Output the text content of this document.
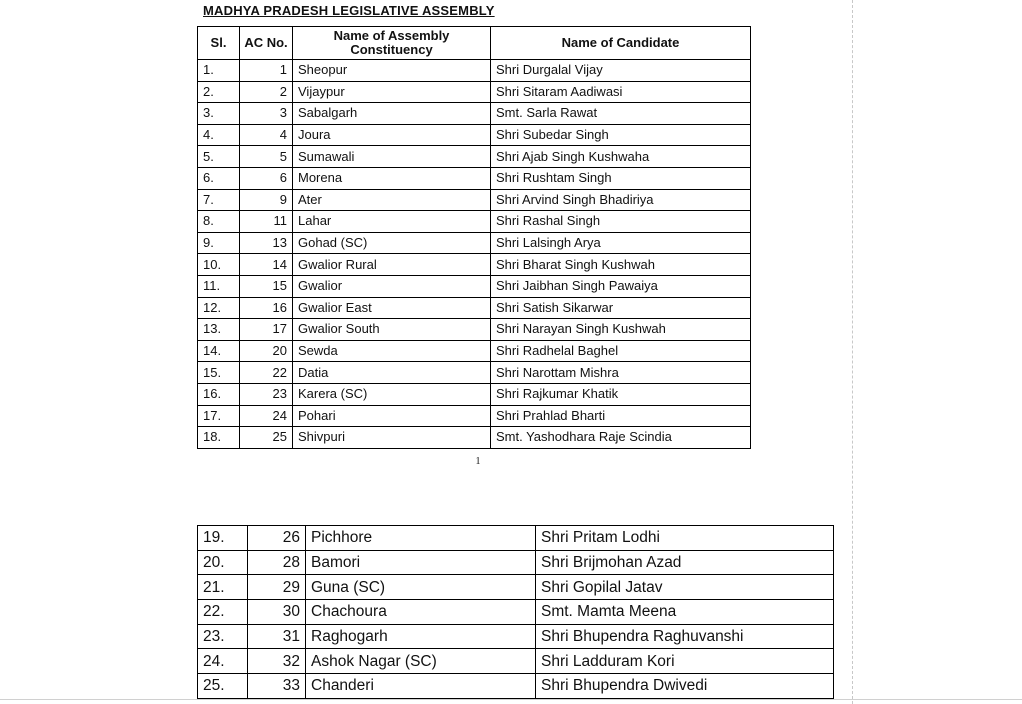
MADHYA PRADESH LEGISLATIVE ASSEMBLY
Sl.	AC No.	Name of Assembly Constituency	Name of Candidate
1.	1	Sheopur	Shri Durgalal Vijay
2.	2	Vijaypur	Shri Sitaram Aadiwasi
3.	3	Sabalgarh	Smt. Sarla Rawat
4.	4	Joura	Shri Subedar Singh
5.	5	Sumawali	Shri Ajab Singh Kushwaha
6.	6	Morena	Shri Rushtam Singh
7.	9	Ater	Shri Arvind Singh Bhadiriya
8.	11	Lahar	Shri Rashal Singh
9.	13	Gohad (SC)	Shri Lalsingh Arya
10.	14	Gwalior Rural	Shri Bharat Singh Kushwah
11.	15	Gwalior	Shri Jaibhan Singh Pawaiya
12.	16	Gwalior East	Shri Satish Sikarwar
13.	17	Gwalior South	Shri Narayan Singh Kushwah
14.	20	Sewda	Shri Radhelal Baghel
15.	22	Datia	Shri Narottam Mishra
16.	23	Karera (SC)	Shri Rajkumar Khatik
17.	24	Pohari	Shri Prahlad Bharti
18.	25	Shivpuri	Smt. Yashodhara Raje Scindia
1
19.	26	Pichhore	Shri Pritam Lodhi
20.	28	Bamori	Shri Brijmohan Azad
21.	29	Guna (SC)	Shri Gopilal Jatav
22.	30	Chachoura	Smt. Mamta Meena
23.	31	Raghogarh	Shri Bhupendra Raghuvanshi
24.	32	Ashok Nagar (SC)	Shri Ladduram Kori
25.	33	Chanderi	Shri Bhupendra Dwivedi
